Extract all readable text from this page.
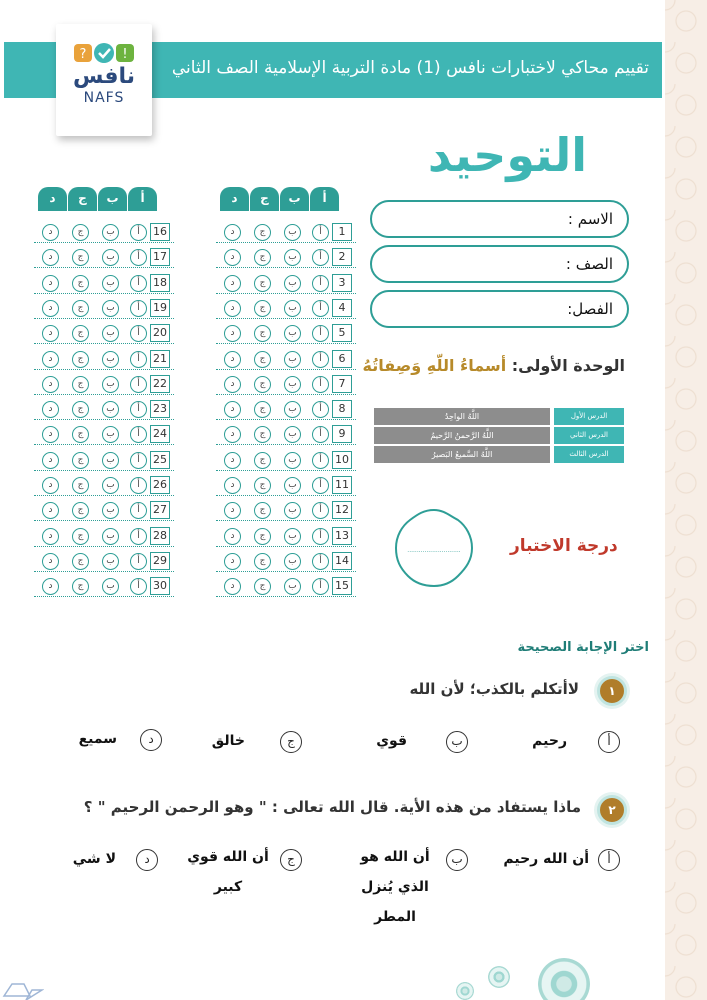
تقييم محاكي لاختبارات نافس (1) مادة التربية الإسلامية الصف الثاني
?	!
نافس
NAFS
التوحيد
الاسم :
الصف :
الفصل:
الوحدة الأولى: أسماءُ اللّهِ وَصِفاتُهُ
اللَّهُ الواحِدُ	الدرس الأول
اللَّهُ الرَّحمنُ الرَّحيمُ	الدرس الثاني
اللَّهُ السَّميعُ البَصيرُ	الدرس الثالث
............................	درجة الاختبار
د	ج	ب	أ
د	ج	ب	أ	16
د	ج	ب	أ	17
د	ج	ب	أ	18
د	ج	ب	أ	19
د	ج	ب	أ	20
د	ج	ب	أ	21
د	ج	ب	أ	22
د	ج	ب	أ	23
د	ج	ب	أ	24
د	ج	ب	أ	25
د	ج	ب	أ	26
د	ج	ب	أ	27
د	ج	ب	أ	28
د	ج	ب	أ	29
د	ج	ب	أ	30
د	ج	ب	أ
د	ج	ب	أ	1
د	ج	ب	أ	2
د	ج	ب	أ	3
د	ج	ب	أ	4
د	ج	ب	أ	5
د	ج	ب	أ	6
د	ج	ب	أ	7
د	ج	ب	أ	8
د	ج	ب	أ	9
د	ج	ب	أ	10
د	ج	ب	أ	11
د	ج	ب	أ	12
د	ج	ب	أ	13
د	ج	ب	أ	14
د	ج	ب	أ	15
اختر الإجابة الصحيحة
١
لاأتكلم بالكذب؛ لأن الله
أ
رحيم
ب
قوي
ج
خالق
د
سميع
٢
ماذا يستفاد من هذه الأية. قال الله تعالى : " وهو الرحمن الرحيم " ؟
أ
أن الله رحيم
ب
أن الله هو الذي يُنزل المطر
ج
أن الله قوي كبير
د
لا شي
